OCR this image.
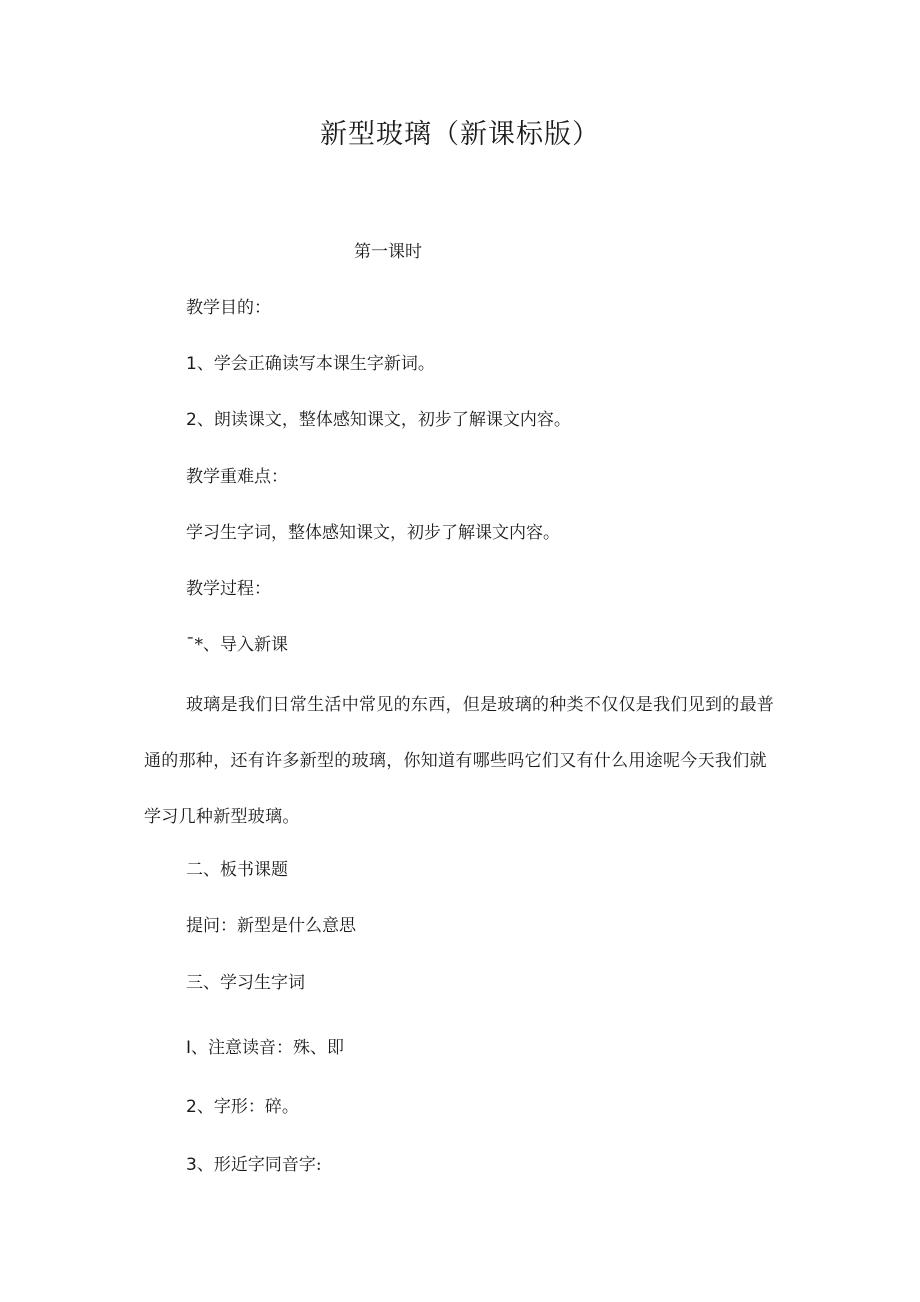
新型玻璃（新课标版）
第一课时
教学目的：
1、学会正确读写本课生字新词。
2、朗读课文，整体感知课文，初步了解课文内容。
教学重难点：
学习生字词，整体感知课文，初步了解课文内容。
教学过程：
¯*、导入新课
玻璃是我们日常生活中常见的东西，但是玻璃的种类不仅仅是我们见到的最普通的那种，还有许多新型的玻璃，你知道有哪些吗它们又有什么用途呢今天我们就学习几种新型玻璃。
二、板书课题
提问：新型是什么意思
三、学习生字词
I、注意读音：殊、即
2、字形：碎。
3、形近字同音字:
